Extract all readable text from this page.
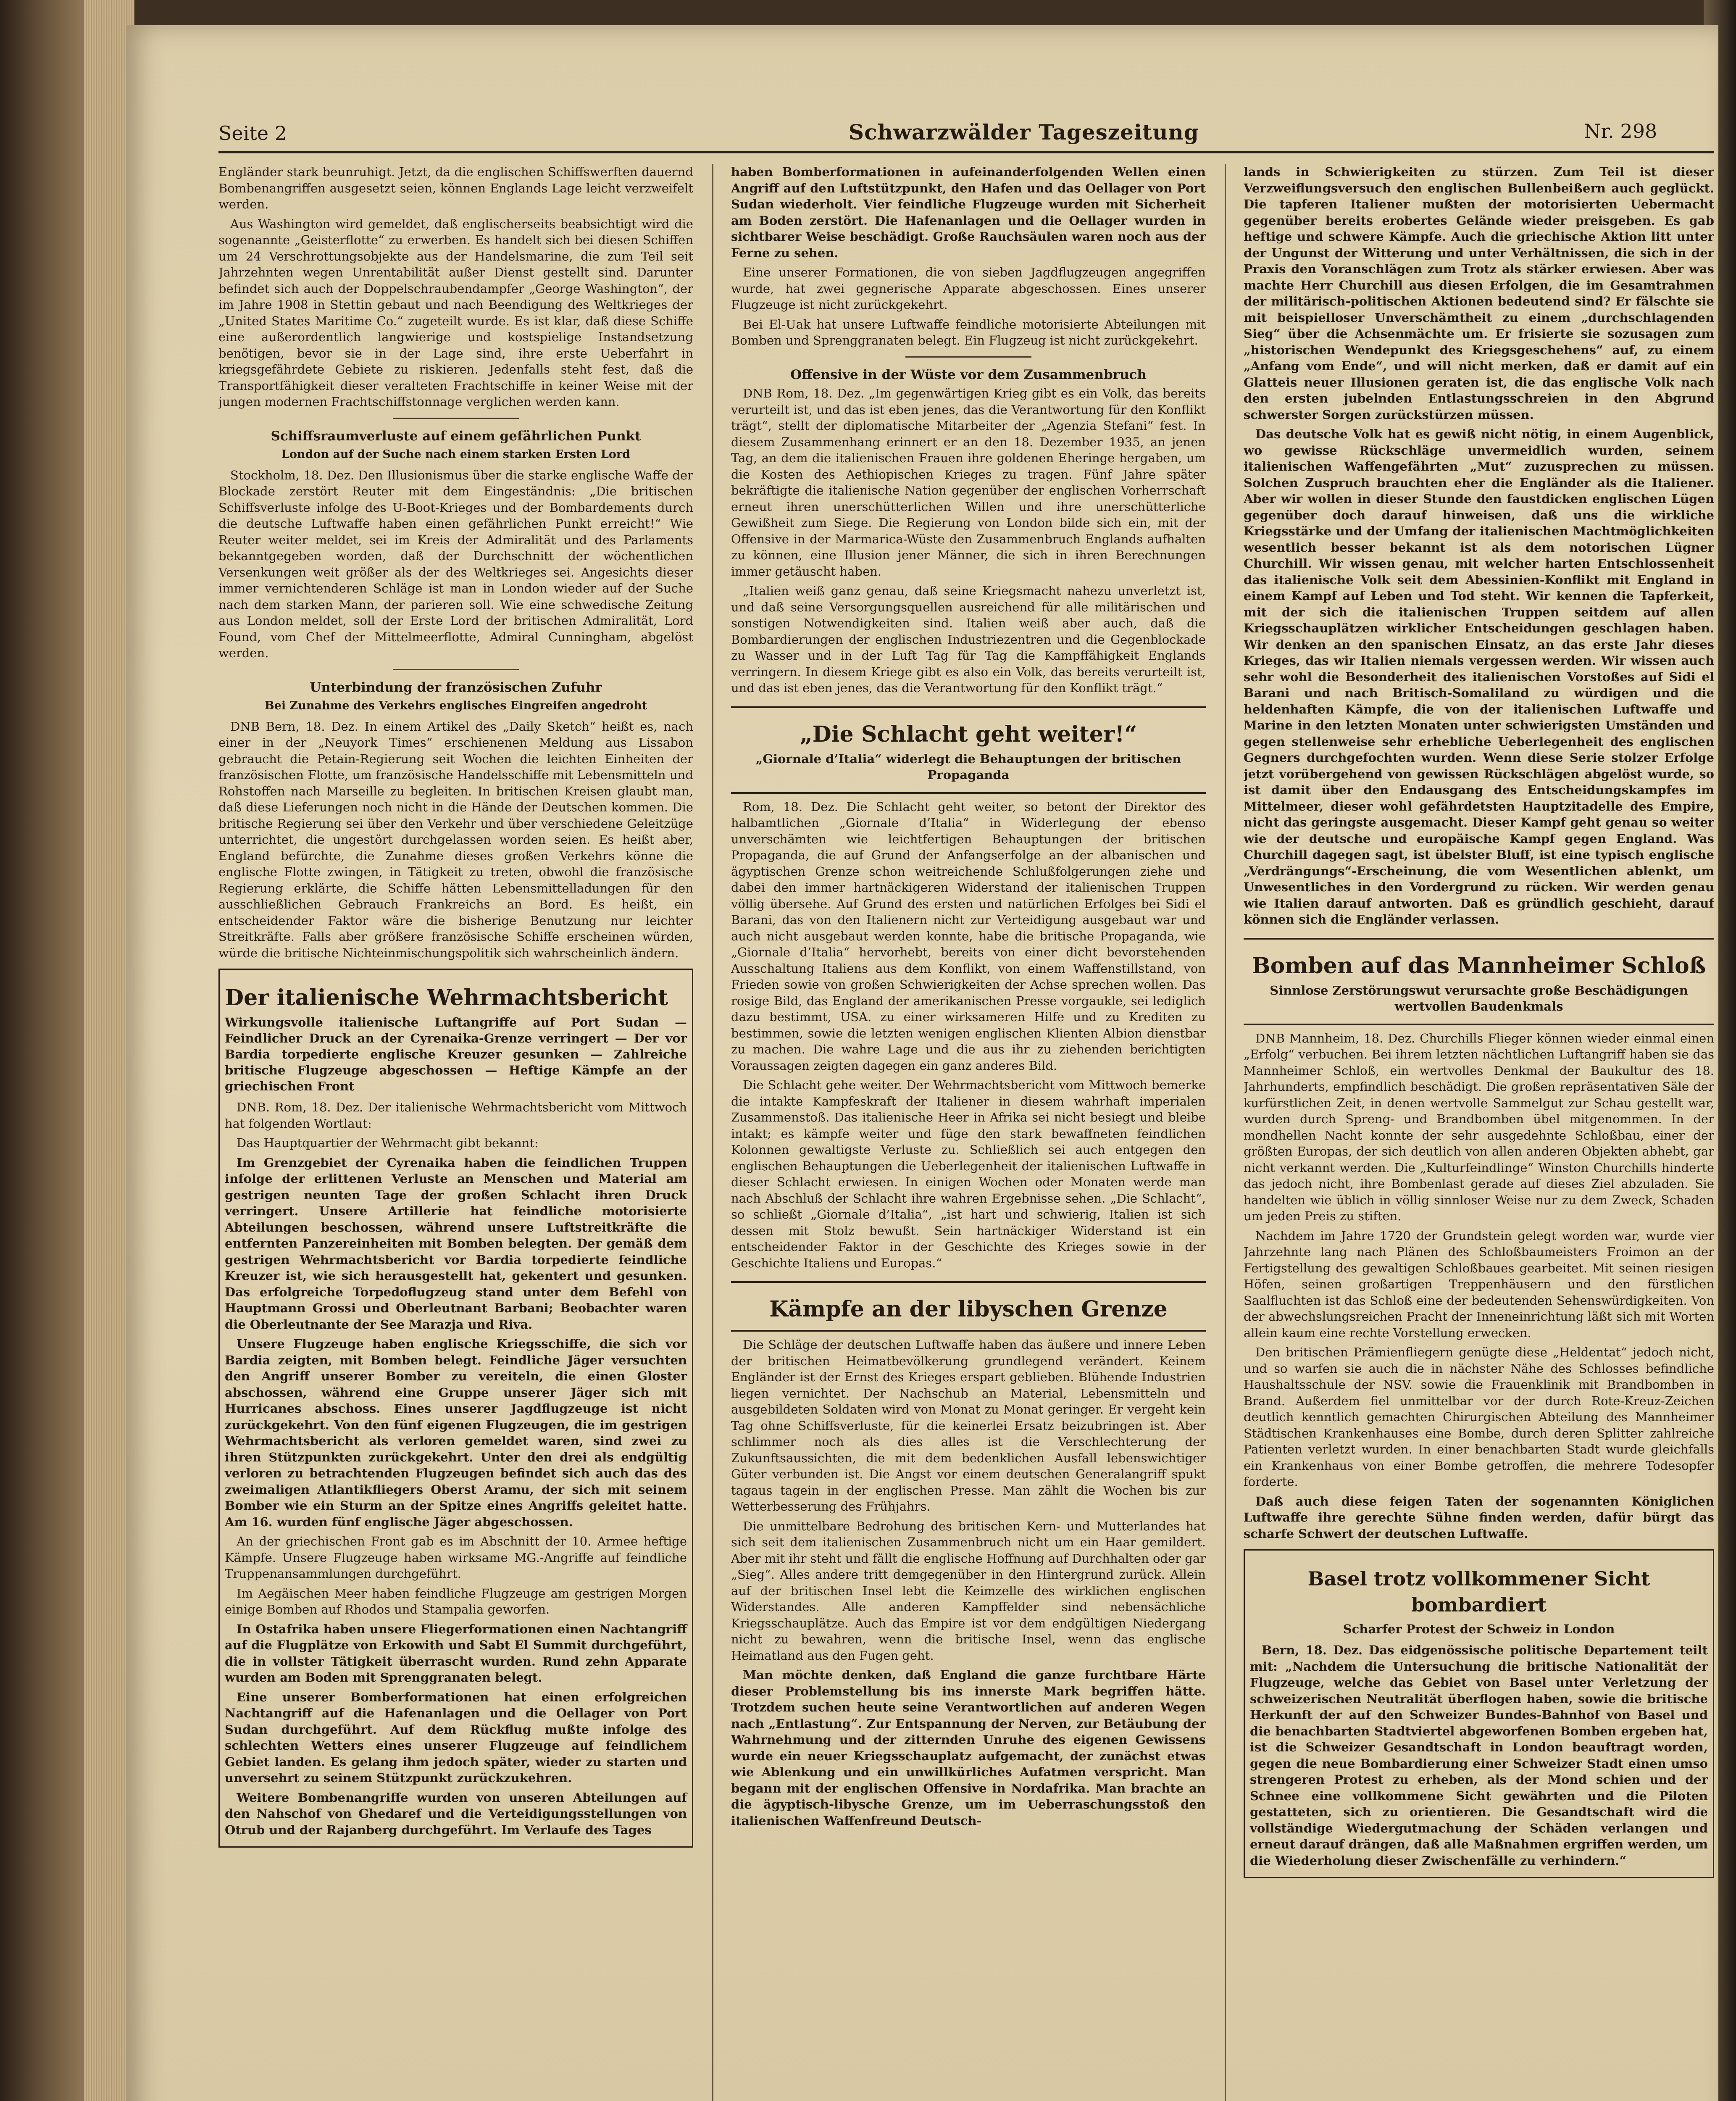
Seite 2	Schwarzwälder Tageszeitung	Nr. 298

Engländer stark beunruhigt. Jetzt, da die englischen Schiffswerften dauernd Bombenangriffen ausgesetzt seien, können Englands Lage leicht verzweifelt werden.

Aus Washington wird gemeldet, daß englischerseits beabsichtigt wird die sogenannte „Geisterflotte“ zu erwerben. Es handelt sich bei diesen Schiffen um 24 Verschrottungsobjekte aus der Handelsmarine, die zum Teil seit Jahrzehnten wegen Unrentabilität außer Dienst gestellt sind. Darunter befindet sich auch der Doppelschraubendampfer „George Washington“, der im Jahre 1908 in Stettin gebaut und nach Beendigung des Weltkrieges der „United States Maritime Co.“ zugeteilt wurde. Es ist klar, daß diese Schiffe eine außerordentlich langwierige und kostspielige Instandsetzung benötigen, bevor sie in der Lage sind, ihre erste Ueberfahrt in kriegsgefährdete Gebiete zu riskieren. Jedenfalls steht fest, daß die Transportfähigkeit dieser veralteten Frachtschiffe in keiner Weise mit der jungen modernen Frachtschiffstonnage verglichen werden kann.

Schiffsraumverluste auf einem gefährlichen Punkt
London auf der Suche nach einem starken Ersten Lord

Stockholm, 18. Dez. Den Illusionismus über die starke englische Waffe der Blockade zerstört Reuter mit dem Eingeständnis: „Die britischen Schiffsverluste infolge des U-Boot-Krieges und der Bombardements durch die deutsche Luftwaffe haben einen gefährlichen Punkt erreicht!“ Wie Reuter weiter meldet, sei im Kreis der Admiralität und des Parlaments bekanntgegeben worden, daß der Durchschnitt der wöchentlichen Versenkungen weit größer als der des Weltkrieges sei. Angesichts dieser immer vernichtenderen Schläge ist man in London wieder auf der Suche nach dem starken Mann, der parieren soll. Wie eine schwedische Zeitung aus London meldet, soll der Erste Lord der britischen Admiralität, Lord Found, vom Chef der Mittelmeerflotte, Admiral Cunningham, abgelöst werden.

Unterbindung der französischen Zufuhr
Bei Zunahme des Verkehrs englisches Eingreifen angedroht

DNB Bern, 18. Dez. In einem Artikel des „Daily Sketch“ heißt es, nach einer in der „Neuyork Times“ erschienenen Meldung aus Lissabon gebraucht die Petain-Regierung seit Wochen die leichten Einheiten der französischen Flotte, um französische Handelsschiffe mit Lebensmitteln und Rohstoffen nach Marseille zu begleiten. In britischen Kreisen glaubt man, daß diese Lieferungen noch nicht in die Hände der Deutschen kommen. Die britische Regierung sei über den Verkehr und über verschiedene Geleitzüge unterrichtet, die ungestört durchgelassen worden seien. Es heißt aber, England befürchte, die Zunahme dieses großen Verkehrs könne die englische Flotte zwingen, in Tätigkeit zu treten, obwohl die französische Regierung erklärte, die Schiffe hätten Lebensmittelladungen für den ausschließlichen Gebrauch Frankreichs an Bord. Es heißt, ein entscheidender Faktor wäre die bisherige Benutzung nur leichter Streitkräfte. Falls aber größere französische Schiffe erscheinen würden, würde die britische Nichteinmischungspolitik sich wahrscheinlich ändern.

Der italienische Wehrmachtsbericht
Wirkungsvolle italienische Luftangriffe auf Port Sudan — Feindlicher Druck an der Cyrenaika-Grenze verringert — Der vor Bardia torpedierte englische Kreuzer gesunken — Zahlreiche britische Flugzeuge abgeschossen — Heftige Kämpfe an der griechischen Front

DNB. Rom, 18. Dez. Der italienische Wehrmachtsbericht vom Mittwoch hat folgenden Wortlaut:

Das Hauptquartier der Wehrmacht gibt bekannt:

Im Grenzgebiet der Cyrenaika haben die feindlichen Truppen infolge der erlittenen Verluste an Menschen und Material am gestrigen neunten Tage der großen Schlacht ihren Druck verringert. Unsere Artillerie hat feindliche motorisierte Abteilungen beschossen, während unsere Luftstreitkräfte die entfernten Panzereinheiten mit Bomben belegten. Der gemäß dem gestrigen Wehrmachtsbericht vor Bardia torpedierte feindliche Kreuzer ist, wie sich herausgestellt hat, gekentert und gesunken. Das erfolgreiche Torpedoflugzeug stand unter dem Befehl von Hauptmann Grossi und Oberleutnant Barbani; Beobachter waren die Oberleutnante der See Marazja und Riva.

Unsere Flugzeuge haben englische Kriegsschiffe, die sich vor Bardia zeigten, mit Bomben belegt. Feindliche Jäger versuchten den Angriff unserer Bomber zu vereiteln, die einen Gloster abschossen, während eine Gruppe unserer Jäger sich mit Hurricanes abschoss. Eines unserer Jagdflugzeuge ist nicht zurückgekehrt. Von den fünf eigenen Flugzeugen, die im gestrigen Wehrmachtsbericht als verloren gemeldet waren, sind zwei zu ihren Stützpunkten zurückgekehrt. Unter den drei als endgültig verloren zu betrachtenden Flugzeugen befindet sich auch das des zweimaligen Atlantikfliegers Oberst Aramu, der sich mit seinem Bomber wie ein Sturm an der Spitze eines Angriffs geleitet hatte. Am 16. wurden fünf englische Jäger abgeschossen.

An der griechischen Front gab es im Abschnitt der 10. Armee heftige Kämpfe. Unsere Flugzeuge haben wirksame MG.-Angriffe auf feindliche Truppenansammlungen durchgeführt.

Im Aegäischen Meer haben feindliche Flugzeuge am gestrigen Morgen einige Bomben auf Rhodos und Stampalia geworfen.

In Ostafrika haben unsere Fliegerformationen einen Nachtangriff auf die Flugplätze von Erkowith und Sabt El Summit durchgeführt, die in vollster Tätigkeit überrascht wurden. Rund zehn Apparate wurden am Boden mit Sprenggranaten belegt.

Eine unserer Bomberformationen hat einen erfolgreichen Nachtangriff auf die Hafenanlagen und die Oellager von Port Sudan durchgeführt. Auf dem Rückflug mußte infolge des schlechten Wetters eines unserer Flugzeuge auf feindlichem Gebiet landen. Es gelang ihm jedoch später, wieder zu starten und unversehrt zu seinem Stützpunkt zurückzukehren.

Weitere Bombenangriffe wurden von unseren Abteilungen auf den Nahschof von Ghedaref und die Verteidigungsstellungen von Otrub und der Rajanberg durchgeführt. Im Verlaufe des Tages

haben Bomberformationen in aufeinanderfolgenden Wellen einen Angriff auf den Luftstützpunkt, den Hafen und das Oellager von Port Sudan wiederholt. Vier feindliche Flugzeuge wurden mit Sicherheit am Boden zerstört. Die Hafenanlagen und die Oellager wurden in sichtbarer Weise beschädigt. Große Rauchsäulen waren noch aus der Ferne zu sehen.

Eine unserer Formationen, die von sieben Jagdflugzeugen angegriffen wurde, hat zwei gegnerische Apparate abgeschossen. Eines unserer Flugzeuge ist nicht zurückgekehrt.

Bei El-Uak hat unsere Luftwaffe feindliche motorisierte Abteilungen mit Bomben und Sprenggranaten belegt. Ein Flugzeug ist nicht zurückgekehrt.

Offensive in der Wüste vor dem Zusammenbruch

DNB Rom, 18. Dez. „Im gegenwärtigen Krieg gibt es ein Volk, das bereits verurteilt ist, und das ist eben jenes, das die Verantwortung für den Konflikt trägt“, stellt der diplomatische Mitarbeiter der „Agenzia Stefani“ fest. In diesem Zusammenhang erinnert er an den 18. Dezember 1935, an jenen Tag, an dem die italienischen Frauen ihre goldenen Eheringe hergaben, um die Kosten des Aethiopischen Krieges zu tragen. Fünf Jahre später bekräftigte die italienische Nation gegenüber der englischen Vorherrschaft erneut ihren unerschütterlichen Willen und ihre unerschütterliche Gewißheit zum Siege. Die Regierung von London bilde sich ein, mit der Offensive in der Marmarica-Wüste den Zusammenbruch Englands aufhalten zu können, eine Illusion jener Männer, die sich in ihren Berechnungen immer getäuscht haben.

„Italien weiß ganz genau, daß seine Kriegsmacht nahezu unverletzt ist, und daß seine Versorgungsquellen ausreichend für alle militärischen und sonstigen Notwendigkeiten sind. Italien weiß aber auch, daß die Bombardierungen der englischen Industriezentren und die Gegenblockade zu Wasser und in der Luft Tag für Tag die Kampffähigkeit Englands verringern. In diesem Kriege gibt es also ein Volk, das bereits verurteilt ist, und das ist eben jenes, das die Verantwortung für den Konflikt trägt.“

„Die Schlacht geht weiter!“
„Giornale d’Italia“ widerlegt die Behauptungen der britischen Propaganda

Rom, 18. Dez. Die Schlacht geht weiter, so betont der Direktor des halbamtlichen „Giornale d’Italia“ in Widerlegung der ebenso unverschämten wie leichtfertigen Behauptungen der britischen Propaganda, die auf Grund der Anfangserfolge an der albanischen und ägyptischen Grenze schon weitreichende Schlußfolgerungen ziehe und dabei den immer hartnäckigeren Widerstand der italienischen Truppen völlig übersehe. Auf Grund des ersten und natürlichen Erfolges bei Sidi el Barani, das von den Italienern nicht zur Verteidigung ausgebaut war und auch nicht ausgebaut werden konnte, habe die britische Propaganda, wie „Giornale d’Italia“ hervorhebt, bereits von einer dicht bevorstehenden Ausschaltung Italiens aus dem Konflikt, von einem Waffenstillstand, von Frieden sowie von großen Schwierigkeiten der Achse sprechen wollen. Das rosige Bild, das England der amerikanischen Presse vorgaukle, sei lediglich dazu bestimmt, USA. zu einer wirksameren Hilfe und zu Krediten zu bestimmen, sowie die letzten wenigen englischen Klienten Albion dienstbar zu machen. Die wahre Lage und die aus ihr zu ziehenden berichtigten Voraussagen zeigten dagegen ein ganz anderes Bild.

Die Schlacht gehe weiter. Der Wehrmachtsbericht vom Mittwoch bemerke die intakte Kampfeskraft der Italiener in diesem wahrhaft imperialen Zusammenstoß. Das italienische Heer in Afrika sei nicht besiegt und bleibe intakt; es kämpfe weiter und füge den stark bewaffneten feindlichen Kolonnen gewaltigste Verluste zu. Schließlich sei auch entgegen den englischen Behauptungen die Ueberlegenheit der italienischen Luftwaffe in dieser Schlacht erwiesen. In einigen Wochen oder Monaten werde man nach Abschluß der Schlacht ihre wahren Ergebnisse sehen. „Die Schlacht“, so schließt „Giornale d’Italia“, „ist hart und schwierig, Italien ist sich dessen mit Stolz bewußt. Sein hartnäckiger Widerstand ist ein entscheidender Faktor in der Geschichte des Krieges sowie in der Geschichte Italiens und Europas.“

Kämpfe an der libyschen Grenze

Die Schläge der deutschen Luftwaffe haben das äußere und innere Leben der britischen Heimatbevölkerung grundlegend verändert. Keinem Engländer ist der Ernst des Krieges erspart geblieben. Blühende Industrien liegen vernichtet. Der Nachschub an Material, Lebensmitteln und ausgebildeten Soldaten wird von Monat zu Monat geringer. Er vergeht kein Tag ohne Schiffsverluste, für die keinerlei Ersatz beizubringen ist. Aber schlimmer noch als dies alles ist die Verschlechterung der Zukunftsaussichten, die mit dem bedenklichen Ausfall lebenswichtiger Güter verbunden ist. Die Angst vor einem deutschen Generalangriff spukt tagaus tagein in der englischen Presse. Man zählt die Wochen bis zur Wetterbesserung des Frühjahrs.

Die unmittelbare Bedrohung des britischen Kern- und Mutterlandes hat sich seit dem italienischen Zusammenbruch nicht um ein Haar gemildert. Aber mit ihr steht und fällt die englische Hoffnung auf Durchhalten oder gar „Sieg“. Alles andere tritt demgegenüber in den Hintergrund zurück. Allein auf der britischen Insel lebt die Keimzelle des wirklichen englischen Widerstandes. Alle anderen Kampffelder sind nebensächliche Kriegsschauplätze. Auch das Empire ist vor dem endgültigen Niedergang nicht zu bewahren, wenn die britische Insel, wenn das englische Heimatland aus den Fugen geht.

Man möchte denken, daß England die ganze furchtbare Härte dieser Problemstellung bis ins innerste Mark begriffen hätte. Trotzdem suchen heute seine Verantwortlichen auf anderen Wegen nach „Entlastung“. Zur Entspannung der Nerven, zur Betäubung der Wahrnehmung und der zitternden Unruhe des eigenen Gewissens wurde ein neuer Kriegsschauplatz aufgemacht, der zunächst etwas wie Ablenkung und ein unwillkürliches Aufatmen verspricht. Man begann mit der englischen Offensive in Nordafrika. Man brachte an die ägyptisch-libysche Grenze, um im Ueberraschungsstoß den italienischen Waffenfreund Deutsch-

lands in Schwierigkeiten zu stürzen. Zum Teil ist dieser Verzweiflungsversuch den englischen Bullenbeißern auch geglückt. Die tapferen Italiener mußten der motorisierten Uebermacht gegenüber bereits erobertes Gelände wieder preisgeben. Es gab heftige und schwere Kämpfe. Auch die griechische Aktion litt unter der Ungunst der Witterung und unter Verhältnissen, die sich in der Praxis den Voranschlägen zum Trotz als stärker erwiesen. Aber was machte Herr Churchill aus diesen Erfolgen, die im Gesamtrahmen der militärisch-politischen Aktionen bedeutend sind? Er fälschte sie mit beispielloser Unverschämtheit zu einem „durchschlagenden Sieg“ über die Achsenmächte um. Er frisierte sie sozusagen zum „historischen Wendepunkt des Kriegsgeschehens“ auf, zu einem „Anfang vom Ende“, und will nicht merken, daß er damit auf ein Glatteis neuer Illusionen geraten ist, die das englische Volk nach den ersten jubelnden Entlastungsschreien in den Abgrund schwerster Sorgen zurückstürzen müssen.

Das deutsche Volk hat es gewiß nicht nötig, in einem Augenblick, wo gewisse Rückschläge unvermeidlich wurden, seinem italienischen Waffengefährten „Mut“ zuzusprechen zu müssen. Solchen Zuspruch brauchten eher die Engländer als die Italiener. Aber wir wollen in dieser Stunde den faustdicken englischen Lügen gegenüber doch darauf hinweisen, daß uns die wirkliche Kriegsstärke und der Umfang der italienischen Machtmöglichkeiten wesentlich besser bekannt ist als dem notorischen Lügner Churchill. Wir wissen genau, mit welcher harten Entschlossenheit das italienische Volk seit dem Abessinien-Konflikt mit England in einem Kampf auf Leben und Tod steht. Wir kennen die Tapferkeit, mit der sich die italienischen Truppen seitdem auf allen Kriegsschauplätzen wirklicher Entscheidungen geschlagen haben. Wir denken an den spanischen Einsatz, an das erste Jahr dieses Krieges, das wir Italien niemals vergessen werden. Wir wissen auch sehr wohl die Besonderheit des italienischen Vorstoßes auf Sidi el Barani und nach Britisch-Somaliland zu würdigen und die heldenhaften Kämpfe, die von der italienischen Luftwaffe und Marine in den letzten Monaten unter schwierigsten Umständen und gegen stellenweise sehr erhebliche Ueberlegenheit des englischen Gegners durchgefochten wurden. Wenn diese Serie stolzer Erfolge jetzt vorübergehend von gewissen Rückschlägen abgelöst wurde, so ist damit über den Endausgang des Entscheidungskampfes im Mittelmeer, dieser wohl gefährdetsten Hauptzitadelle des Empire, nicht das geringste ausgemacht. Dieser Kampf geht genau so weiter wie der deutsche und europäische Kampf gegen England. Was Churchill dagegen sagt, ist übelster Bluff, ist eine typisch englische „Verdrängungs“-Erscheinung, die vom Wesentlichen ablenkt, um Unwesentliches in den Vordergrund zu rücken. Wir werden genau wie Italien darauf antworten. Daß es gründlich geschieht, darauf können sich die Engländer verlassen.

Bomben auf das Mannheimer Schloß
Sinnlose Zerstörungswut verursachte große Beschädigungen wertvollen Baudenkmals

DNB Mannheim, 18. Dez. Churchills Flieger können wieder einmal einen „Erfolg“ verbuchen. Bei ihrem letzten nächtlichen Luftangriff haben sie das Mannheimer Schloß, ein wertvolles Denkmal der Baukultur des 18. Jahrhunderts, empfindlich beschädigt. Die großen repräsentativen Säle der kurfürstlichen Zeit, in denen wertvolle Sammelgut zur Schau gestellt war, wurden durch Spreng- und Brandbomben übel mitgenommen. In der mondhellen Nacht konnte der sehr ausgedehnte Schloßbau, einer der größten Europas, der sich deutlich von allen anderen Objekten abhebt, gar nicht verkannt werden. Die „Kulturfeindlinge“ Winston Churchills hinderte das jedoch nicht, ihre Bombenlast gerade auf dieses Ziel abzuladen. Sie handelten wie üblich in völlig sinnloser Weise nur zu dem Zweck, Schaden um jeden Preis zu stiften.

Nachdem im Jahre 1720 der Grundstein gelegt worden war, wurde vier Jahrzehnte lang nach Plänen des Schloßbaumeisters Froimon an der Fertigstellung des gewaltigen Schloßbaues gearbeitet. Mit seinen riesigen Höfen, seinen großartigen Treppenhäusern und den fürstlichen Saalfluchten ist das Schloß eine der bedeutenden Sehenswürdigkeiten. Von der abwechslungsreichen Pracht der Inneneinrichtung läßt sich mit Worten allein kaum eine rechte Vorstellung erwecken.

Den britischen Prämienfliegern genügte diese „Heldentat“ jedoch nicht, und so warfen sie auch die in nächster Nähe des Schlosses befindliche Haushaltsschule der NSV. sowie die Frauenklinik mit Brandbomben in Brand. Außerdem fiel unmittelbar vor der durch Rote-Kreuz-Zeichen deutlich kenntlich gemachten Chirurgischen Abteilung des Mannheimer Städtischen Krankenhauses eine Bombe, durch deren Splitter zahlreiche Patienten verletzt wurden. In einer benachbarten Stadt wurde gleichfalls ein Krankenhaus von einer Bombe getroffen, die mehrere Todesopfer forderte.

Daß auch diese feigen Taten der sogenannten Königlichen Luftwaffe ihre gerechte Sühne finden werden, dafür bürgt das scharfe Schwert der deutschen Luftwaffe.

Basel trotz vollkommener Sicht bombardiert
Scharfer Protest der Schweiz in London

Bern, 18. Dez. Das eidgenössische politische Departement teilt mit: „Nachdem die Untersuchung die britische Nationalität der Flugzeuge, welche das Gebiet von Basel unter Verletzung der schweizerischen Neutralität überflogen haben, sowie die britische Herkunft der auf den Schweizer Bundes-Bahnhof von Basel und die benachbarten Stadtviertel abgeworfenen Bomben ergeben hat, ist die Schweizer Gesandtschaft in London beauftragt worden, gegen die neue Bombardierung einer Schweizer Stadt einen umso strengeren Protest zu erheben, als der Mond schien und der Schnee eine vollkommene Sicht gewährten und die Piloten gestatteten, sich zu orientieren. Die Gesandtschaft wird die vollständige Wiedergutmachung der Schäden verlangen und erneut darauf drängen, daß alle Maßnahmen ergriffen werden, um die Wiederholung dieser Zwischenfälle zu verhindern.“
